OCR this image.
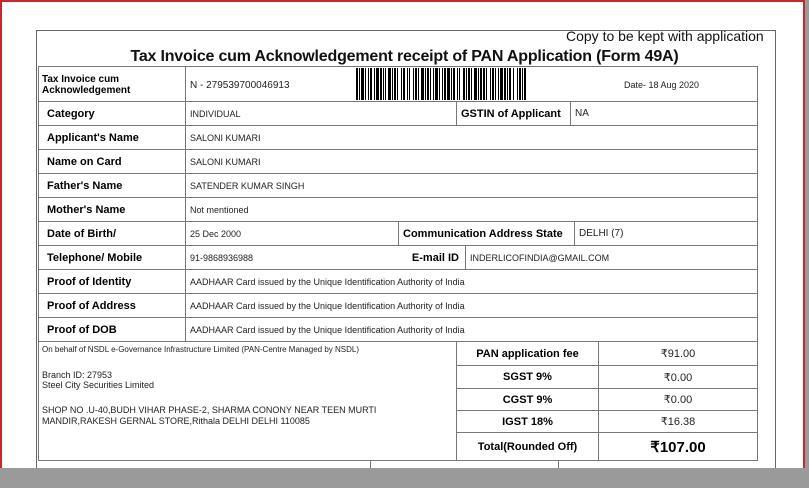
Copy to be kept with application
Tax Invoice cum Acknowledgement receipt of PAN Application (Form 49A)
Tax Invoice cum Acknowledgement	N - 279539700046913	Date- 18 Aug 2020
Category	INDIVIDUAL	GSTIN of Applicant	NA
Applicant's Name	SALONI KUMARI
Name on Card	SALONI KUMARI
Father's Name	SATENDER KUMAR SINGH
Mother's Name	Not mentioned
Date of Birth/	25 Dec 2000	Communication Address State	DELHI (7)
Telephone/ Mobile	91-9868936988	E-mail ID	INDERLICOFINDIA@GMAIL.COM
Proof of Identity	AADHAAR Card issued by the Unique Identification Authority of India
Proof of Address	AADHAAR Card issued by the Unique Identification Authority of India
Proof of DOB	AADHAAR Card issued by the Unique Identification Authority of India
On behalf of NSDL e-Governance Infrastructure Limited (PAN-Centre Managed by NSDL)
Branch ID: 27953
Steel City Securities Limited
SHOP NO .U-40,BUDH VIHAR PHASE-2, SHARMA CONONY NEAR TEEN MURTI
MANDIR,RAKESH GERNAL STORE,Rithala DELHI DELHI 110085
PAN application fee	₹91.00
SGST 9%	₹0.00
CGST 9%	₹0.00
IGST 18%	₹16.38
Total(Rounded Off)	₹107.00
